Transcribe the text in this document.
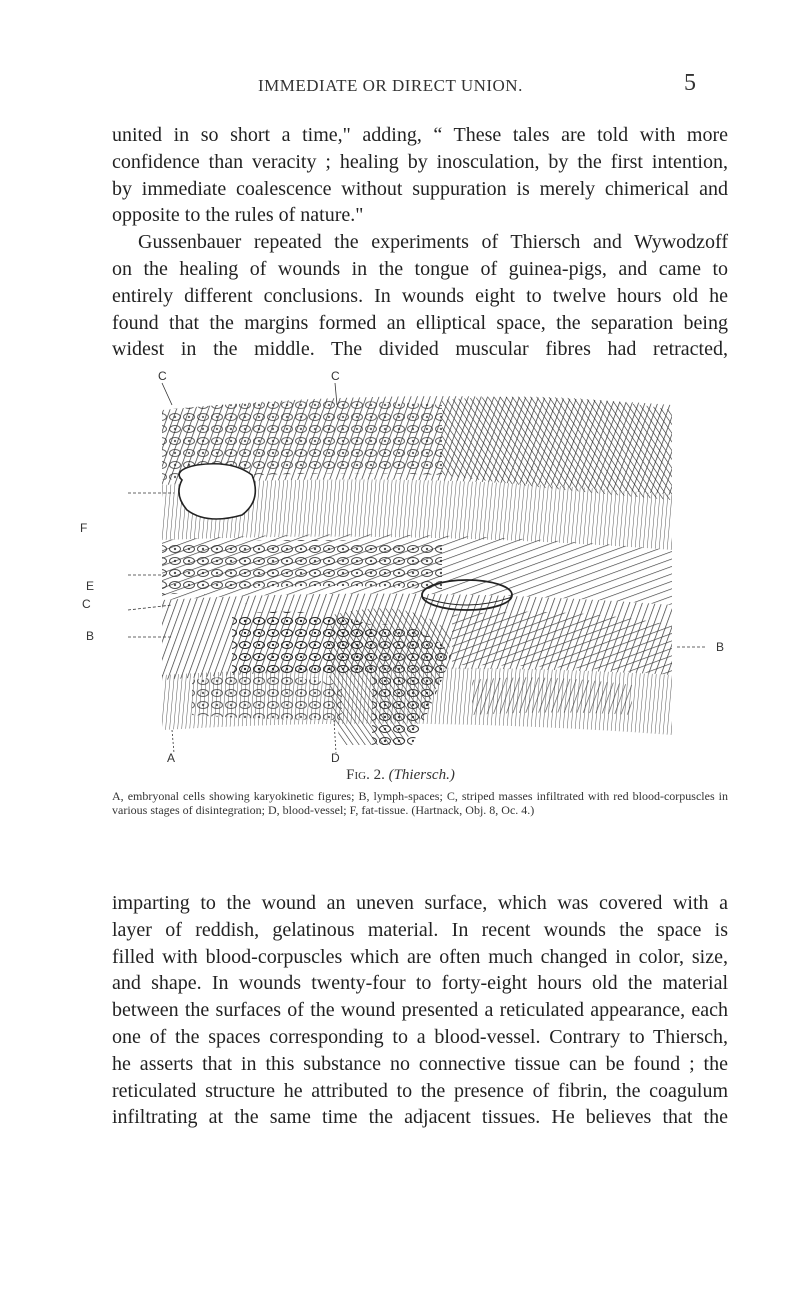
IMMEDIATE OR DIRECT UNION.	5

united in so short a time," adding, “ These tales are told with more
confidence than veracity ; healing by inosculation, by the first intention,
by immediate coalescence without suppuration is merely chimerical and
opposite to the rules of nature."
Gussenbauer repeated the experiments of Thiersch and Wywodzoff
on the healing of wounds in the tongue of guinea-pigs, and came to
entirely different conclusions. In wounds eight to twelve hours old he
found that the margins formed an elliptical space, the separation being
widest in the middle. The divided muscular fibres had retracted,

C	C
F
E
C
B
B
A	D
Fig. 2. (Thiersch.)
A, embryonal cells showing karyokinetic figures; B, lymph-spaces; C, striped masses infiltrated with red blood-corpuscles in various stages of disintegration; D, blood-vessel; F, fat-tissue. (Hartnack, Obj. 8, Oc. 4.)

imparting to the wound an uneven surface, which was covered with a
layer of reddish, gelatinous material. In recent wounds the space is
filled with blood-corpuscles which are often much changed in color, size,
and shape. In wounds twenty-four to forty-eight hours old the material
between the surfaces of the wound presented a reticulated appearance, each
one of the spaces corresponding to a blood-vessel. Contrary to Thiersch,
he asserts that in this substance no connective tissue can be found ; the
reticulated structure he attributed to the presence of fibrin, the coagulum
infiltrating at the same time the adjacent tissues. He believes that the
